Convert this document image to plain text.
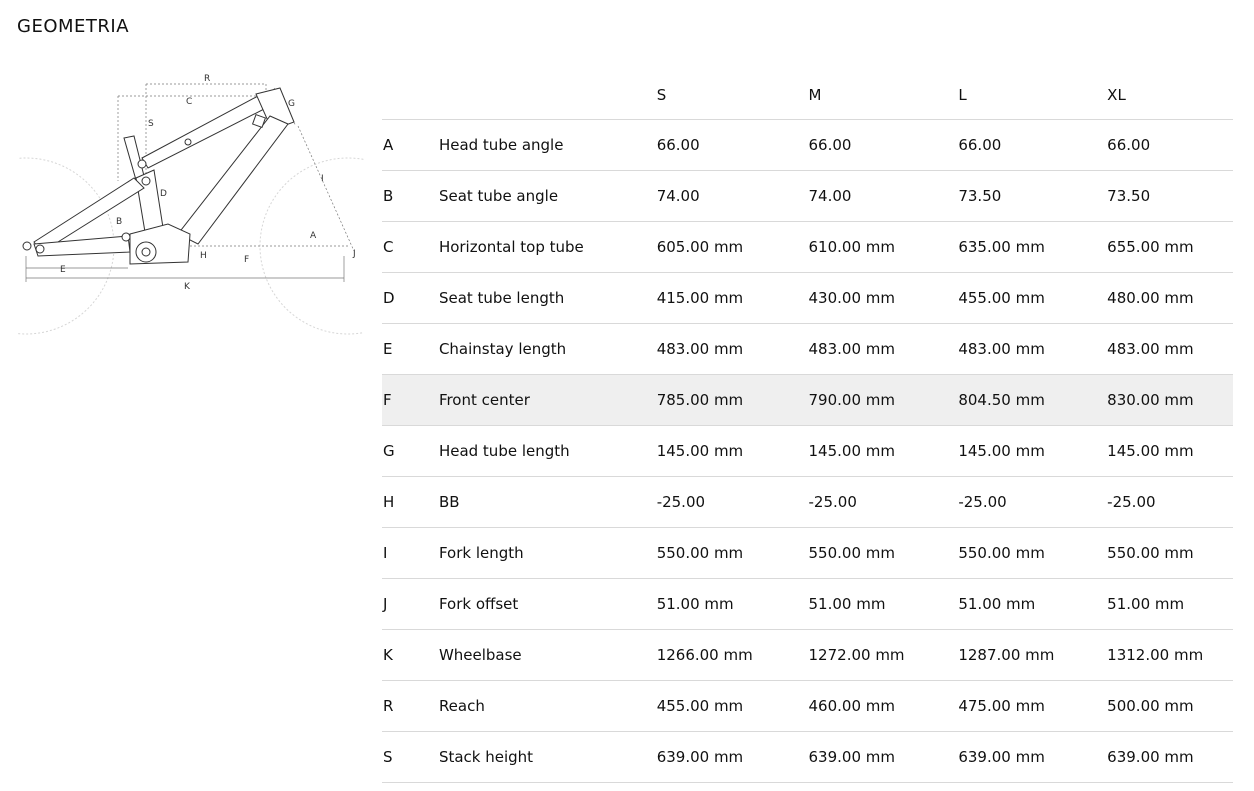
GEOMETRIA
R
C
S
G
D
I
B
A
H	F
J
E
K
S	M	L	XL
A	Head tube angle	66.00	66.00	66.00	66.00
B	Seat tube angle	74.00	74.00	73.50	73.50
C	Horizontal top tube	605.00 mm	610.00 mm	635.00 mm	655.00 mm
D	Seat tube length	415.00 mm	430.00 mm	455.00 mm	480.00 mm
E	Chainstay length	483.00 mm	483.00 mm	483.00 mm	483.00 mm
F	Front center	785.00 mm	790.00 mm	804.50 mm	830.00 mm
G	Head tube length	145.00 mm	145.00 mm	145.00 mm	145.00 mm
H	BB	-25.00	-25.00	-25.00	-25.00
I	Fork length	550.00 mm	550.00 mm	550.00 mm	550.00 mm
J	Fork offset	51.00 mm	51.00 mm	51.00 mm	51.00 mm
K	Wheelbase	1266.00 mm	1272.00 mm	1287.00 mm	1312.00 mm
R	Reach	455.00 mm	460.00 mm	475.00 mm	500.00 mm
S	Stack height	639.00 mm	639.00 mm	639.00 mm	639.00 mm
